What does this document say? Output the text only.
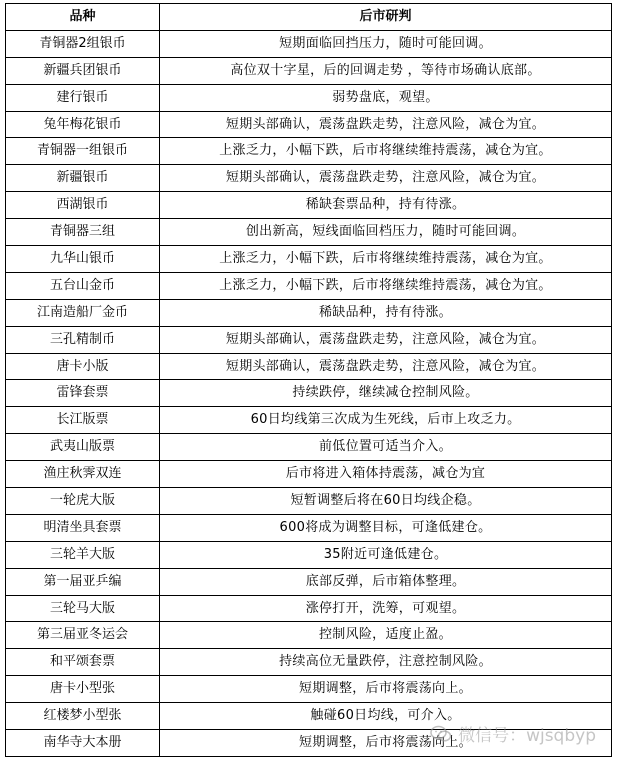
品种	后市研判
青铜器2组银币	短期面临回挡压力，随时可能回调。
新疆兵团银币	高位双十字星，后的回调走势 ，等待市场确认底部。
建行银币	弱势盘底，观望。
兔年梅花银币	短期头部确认，震荡盘跌走势，注意风险，减仓为宜。
青铜器一组银币	上涨乏力，小幅下跌，后市将继续维持震荡，减仓为宜。
新疆银币	短期头部确认，震荡盘跌走势，注意风险，减仓为宜。
西湖银币	稀缺套票品种，持有待涨。
青铜器三组	创出新高，短线面临回档压力，随时可能回调。
九华山银币	上涨乏力，小幅下跌，后市将继续维持震荡，减仓为宜。
五台山金币	上涨乏力，小幅下跌，后市将继续维持震荡，减仓为宜。
江南造船厂金币	稀缺品种，持有待涨。
三孔精制币	短期头部确认，震荡盘跌走势，注意风险，减仓为宜。
唐卡小版	短期头部确认，震荡盘跌走势，注意风险，减仓为宜。
雷锋套票	持续跌停，继续减仓控制风险。
长江版票	60日均线第三次成为生死线，后市上攻乏力。
武夷山版票	前低位置可适当介入。
渔庄秋霁双连	后市将进入箱体持震荡，减仓为宜
一轮虎大版	短暂调整后将在60日均线企稳。
明清坐具套票	600将成为调整目标，可逢低建仓。
三轮羊大版	35附近可逢低建仓。
第一届亚乒编	底部反弹，后市箱体整理。
三轮马大版	涨停打开，洗筹，可观望。
第三届亚冬运会	控制风险，适度止盈。
和平颂套票	持续高位无量跌停，注意控制风险。
唐卡小型张	短期调整，后市将震荡向上。
红楼梦小型张	触碰60日均线，可介入。
南华寺大本册	短期调整，后市将震荡向上。
微信号：wjsqbyp
